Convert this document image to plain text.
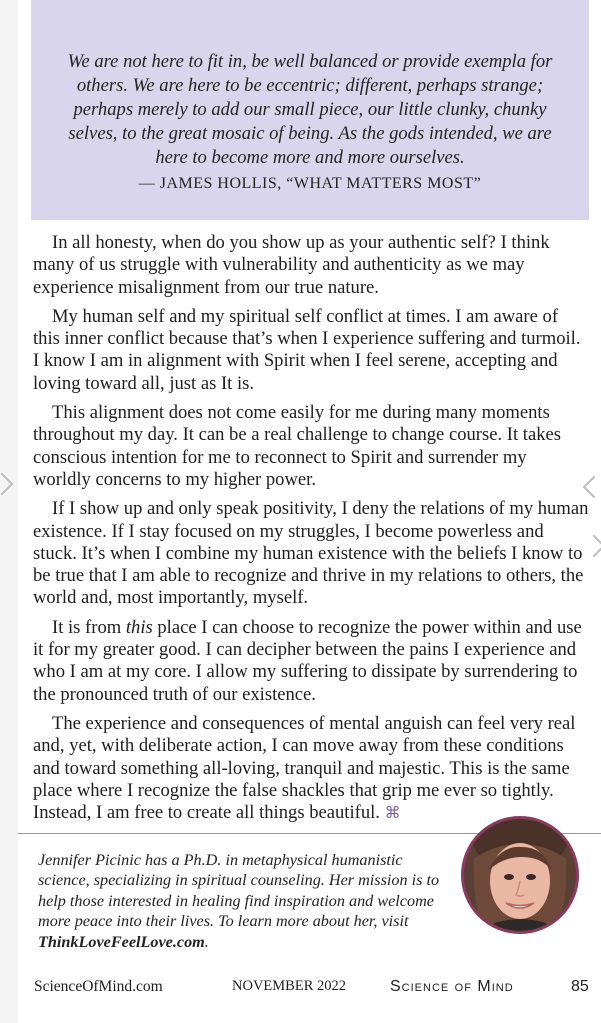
We are not here to fit in, be well balanced or provide exempla for others. We are here to be eccentric; different, perhaps strange; perhaps merely to add our small piece, our little clunky, chunky selves, to the great mosaic of being. As the gods intended, we are here to become more and more ourselves.

— JAMES HOLLIS, “WHAT MATTERS MOST”

In all honesty, when do you show up as your authentic self? I think many of us struggle with vulnerability and authenticity as we may experience misalignment from our true nature.

My human self and my spiritual self conflict at times. I am aware of this inner conflict because that’s when I experience suffering and turmoil. I know I am in alignment with Spirit when I feel serene, accepting and loving toward all, just as It is.

This alignment does not come easily for me during many moments throughout my day. It can be a real challenge to change course. It takes conscious intention for me to reconnect to Spirit and surrender my worldly concerns to my higher power.

If I show up and only speak positivity, I deny the relations of my human existence. If I stay focused on my struggles, I become powerless and stuck. It’s when I combine my human existence with the beliefs I know to be true that I am able to recognize and thrive in my relations to others, the world and, most importantly, myself.

It is from this place I can choose to recognize the power within and use it for my greater good. I can decipher between the pains I experience and who I am at my core. I allow my suffering to dissipate by surrendering to the pronounced truth of our existence.

The experience and consequences of mental anguish can feel very real and, yet, with deliberate action, I can move away from these conditions and toward something all-loving, tranquil and majestic. This is the same place where I recognize the false shackles that grip me ever so tightly. Instead, I am free to create all things beautiful. ⌘

Jennifer Picinic has a Ph.D. in metaphysical humanistic science, specializing in spiritual counseling. Her mission is to help those interested in healing find inspiration and welcome more peace into their lives. To learn more about her, visit ThinkLoveFeelLove.com.
ScienceOfMind.com	NOVEMBER 2022	Science of Mind	85
